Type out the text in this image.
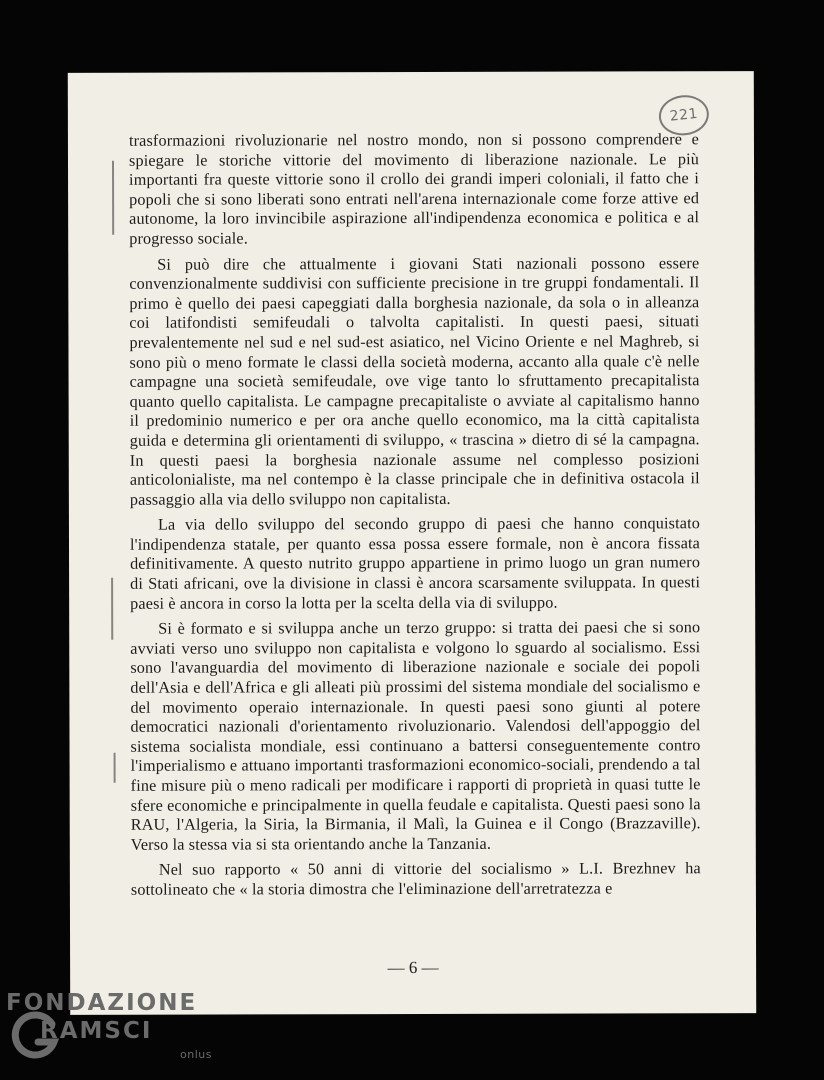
221

trasformazioni rivoluzionarie nel nostro mondo, non si possono comprendere e spiegare le storiche vittorie del movimento di liberazione nazionale. Le più importanti fra queste vittorie sono il crollo dei grandi imperi coloniali, il fatto che i popoli che si sono liberati sono entrati nell'arena internazionale come forze attive ed autonome, la loro invincibile aspirazione all'indipendenza economica e politica e al progresso sociale.

Si può dire che attualmente i giovani Stati nazionali possono essere convenzionalmente suddivisi con sufficiente precisione in tre gruppi fondamentali. Il primo è quello dei paesi capeggiati dalla borghesia nazionale, da sola o in alleanza coi latifondisti semifeudali o talvolta capitalisti. In questi paesi, situati prevalentemente nel sud e nel sud-est asiatico, nel Vicino Oriente e nel Maghreb, si sono più o meno formate le classi della società moderna, accanto alla quale c'è nelle campagne una società semifeudale, ove vige tanto lo sfruttamento precapitalista quanto quello capitalista. Le campagne precapitaliste o avviate al capitalismo hanno il predominio numerico e per ora anche quello economico, ma la città capitalista guida e determina gli orientamenti di sviluppo, « trascina » dietro di sé la campagna. In questi paesi la borghesia nazionale assume nel complesso posizioni anticolonialiste, ma nel contempo è la classe principale che in definitiva ostacola il passaggio alla via dello sviluppo non capitalista.

La via dello sviluppo del secondo gruppo di paesi che hanno conquistato l'indipendenza statale, per quanto essa possa essere formale, non è ancora fissata definitivamente. A questo nutrito gruppo appartiene in primo luogo un gran numero di Stati africani, ove la divisione in classi è ancora scarsamente sviluppata. In questi paesi è ancora in corso la lotta per la scelta della via di sviluppo.

Si è formato e si sviluppa anche un terzo gruppo: si tratta dei paesi che si sono avviati verso uno sviluppo non capitalista e volgono lo sguardo al socialismo. Essi sono l'avanguardia del movimento di liberazione nazionale e sociale dei popoli dell'Asia e dell'Africa e gli alleati più prossimi del sistema mondiale del socialismo e del movimento operaio internazionale. In questi paesi sono giunti al potere democratici nazionali d'orientamento rivoluzionario. Valendosi dell'appoggio del sistema socialista mondiale, essi continuano a battersi conseguentemente contro l'imperialismo e attuano importanti trasformazioni economico-sociali, prendendo a tal fine misure più o meno radicali per modificare i rapporti di proprietà in quasi tutte le sfere economiche e principalmente in quella feudale e capitalista. Questi paesi sono la RAU, l'Algeria, la Siria, la Birmania, il Malì, la Guinea e il Congo (Brazzaville). Verso la stessa via si sta orientando anche la Tanzania.

Nel suo rapporto « 50 anni di vittorie del socialismo » L.I. Brezhnev ha sottolineato che « la storia dimostra che l'eliminazione dell'arretratezza e

— 6 —
FONDAZIONE
RAMSCI
onlus
